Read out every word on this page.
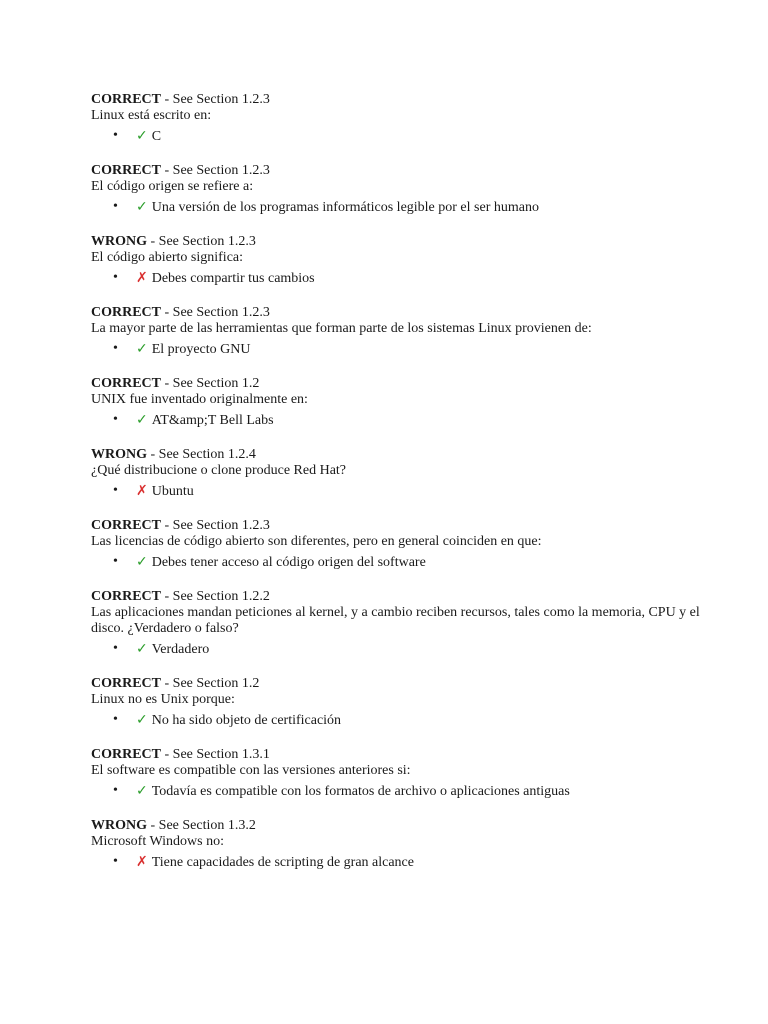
CORRECT - See Section 1.2.3
Linux está escrito en:
• ✓ C
CORRECT - See Section 1.2.3
El código origen se refiere a:
• ✓ Una versión de los programas informáticos legible por el ser humano
WRONG - See Section 1.2.3
El código abierto significa:
• ✗ Debes compartir tus cambios
CORRECT - See Section 1.2.3
La mayor parte de las herramientas que forman parte de los sistemas Linux provienen de:
• ✓ El proyecto GNU
CORRECT - See Section 1.2
UNIX fue inventado originalmente en:
• ✓ AT&amp;T Bell Labs
WRONG - See Section 1.2.4
¿Qué distribucione o clone produce Red Hat?
• ✗ Ubuntu
CORRECT - See Section 1.2.3
Las licencias de código abierto son diferentes, pero en general coinciden en que:
• ✓ Debes tener acceso al código origen del software
CORRECT - See Section 1.2.2
Las aplicaciones mandan peticiones al kernel, y a cambio reciben recursos, tales como la memoria, CPU y el disco. ¿Verdadero o falso?
• ✓ Verdadero
CORRECT - See Section 1.2
Linux no es Unix porque:
• ✓ No ha sido objeto de certificación
CORRECT - See Section 1.3.1
El software es compatible con las versiones anteriores si:
• ✓ Todavía es compatible con los formatos de archivo o aplicaciones antiguas
WRONG - See Section 1.3.2
Microsoft Windows no:
• ✗ Tiene capacidades de scripting de gran alcance
